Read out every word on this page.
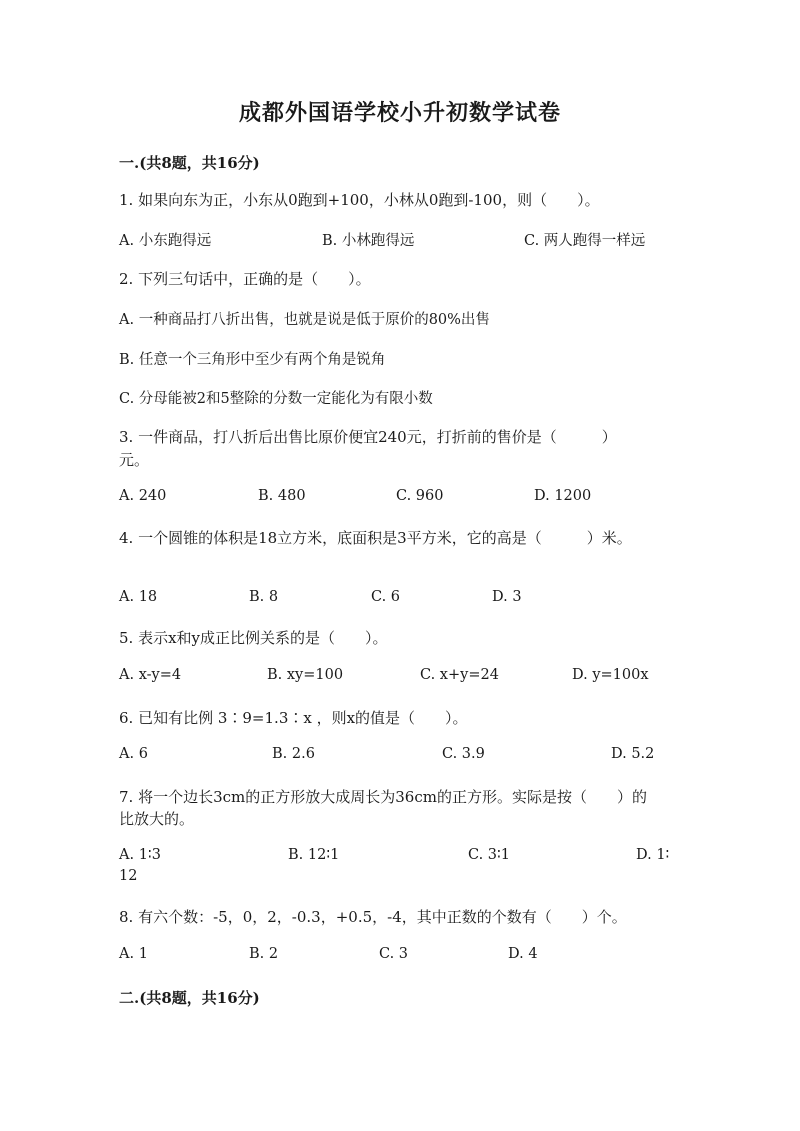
成都外国语学校小升初数学试卷
一.(共8题，共16分)
1. 如果向东为正，小东从0跑到+100，小林从0跑到-100，则（　　）。
A. 小东跑得远	B. 小林跑得远	C. 两人跑得一样远
2. 下列三句话中，正确的是（　　）。
A. 一种商品打八折出售，也就是说是低于原价的80%出售
B. 任意一个三角形中至少有两个角是锐角
C. 分母能被2和5整除的分数一定能化为有限小数
3. 一件商品，打八折后出售比原价便宜240元，打折前的售价是（　　　）
元。
A. 240	B. 480	C. 960	D. 1200
4. 一个圆锥的体积是18立方米，底面积是3平方米，它的高是（　　　）米。
A. 18	B. 8	C. 6	D. 3
5. 表示x和y成正比例关系的是（　　）。
A. x-y=4	B. xy=100	C. x+y=24	D. y=100x
6. 已知有比例 3∶9=1.3∶x ，则x的值是（　　）。
A. 6	B. 2.6	C. 3.9	D. 5.2
7. 将一个边长3cm的正方形放大成周长为36cm的正方形。实际是按（　　）的
比放大的。
A. 1∶3	B. 12∶1	C. 3∶1	D. 1∶
12
8. 有六个数：-5，0，2，-0.3，+0.5，-4，其中正数的个数有（　　）个。
A. 1	B. 2	C. 3	D. 4
二.(共8题，共16分)
